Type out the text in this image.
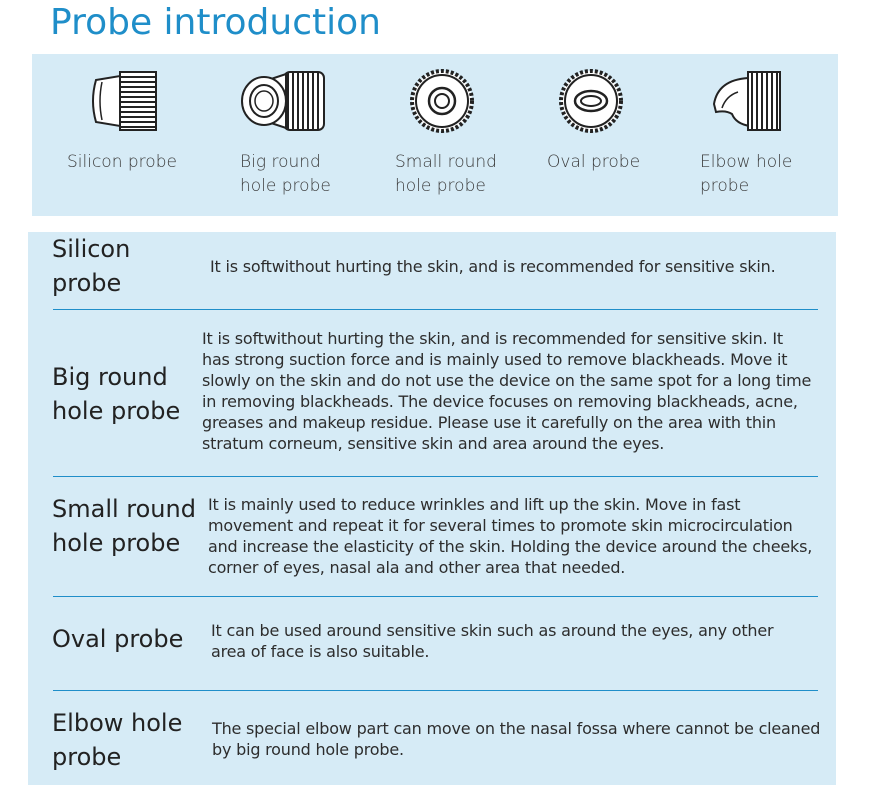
Probe introduction
Silicon probe	Big round
hole probe
Small round
hole probe
Oval probe	Elbow hole
probe
Silicon
probe
It is softwithout hurting the skin, and is recommended for sensitive skin.
Big round
hole probe
It is softwithout hurting the skin, and is recommended for sensitive skin. It has strong suction force and is mainly used to remove blackheads. Move it slowly on the skin and do not use the device on the same spot for a long time in removing blackheads. The device focuses on removing blackheads, acne, greases and makeup residue. Please use it carefully on the area with thin stratum corneum, sensitive skin and area around the eyes.
Small round
hole probe
It is mainly used to reduce wrinkles and lift up the skin. Move in fast movement and repeat it for several times to promote skin microcirculation and increase the elasticity of the skin. Holding the device around the cheeks, corner of eyes, nasal ala and other area that needed.
Oval probe It can be used around sensitive skin such as around the eyes, any other area of face is also suitable.
Elbow hole
probe
The special elbow part can move on the nasal fossa where cannot be cleaned by big round hole probe.
